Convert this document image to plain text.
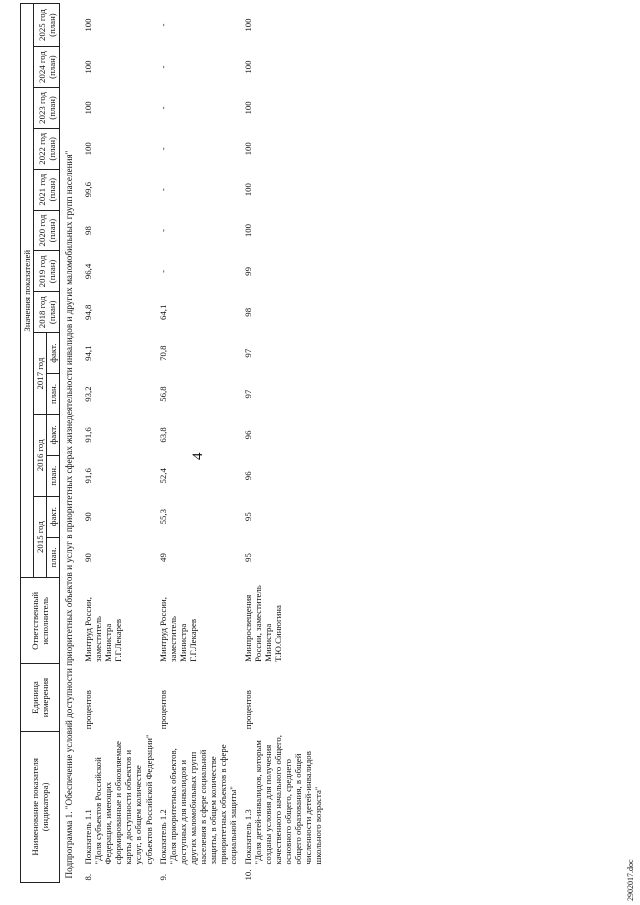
4
Наименование показателя (индикатора)	Единица измерения	Ответственный исполнитель	Значения показателей													
			2015 год		2016 год		2017 год		2018 год (план)	2019 год (план)	2020 год (план)	2021 год (план)	2022 год (план)	2023 год (план)	2024 год (план)	2025 год (план)
			план.	факт.	план.	факт.	план.	факт.								
Подпрограмма 1. "Обеспечение условий доступности приоритетных объектов и услуг в приоритетных сферах жизнедеятельности инвалидов и других маломобильных групп населения"																
8.Показатель 1.1 "Доля субъектов Российской Федерации, имеющих сформированные и обновляемые карты доступности объектов и услуг, в общем количестве субъектов Российской Федерации"	процентов	Минтруд России, заместитель Министра Г.Г.Лекарев	90	90	91,6	91,6	93,2	94,1	94,8	96,4	98	99,6	100	100	100	100
9.Показатель 1.2 "Доля приоритетных объектов, доступных для инвалидов и других маломобильных групп населения в сфере социальной защиты, в общем количестве приоритетных объектов в сфере социальной защиты"	процентов	Минтруд России, заместитель Министра Г.Г.Лекарев	49	55,3	52,4	63,8	56,8	70,8	64,1	-	-	-	-	-	-	-
10.Показатель 1.3 "Доля детей-инвалидов, которым созданы условия для получения качественного начального общего, основного общего, среднего общего образования, в общей численности детей-инвалидов школьного возраста"	процентов	Минпросвещения России, заместитель Министра Т.Ю.Синюгина	95	95	96	96	97	97	98	99	100	100	100	100	100	100
2902017.doc
